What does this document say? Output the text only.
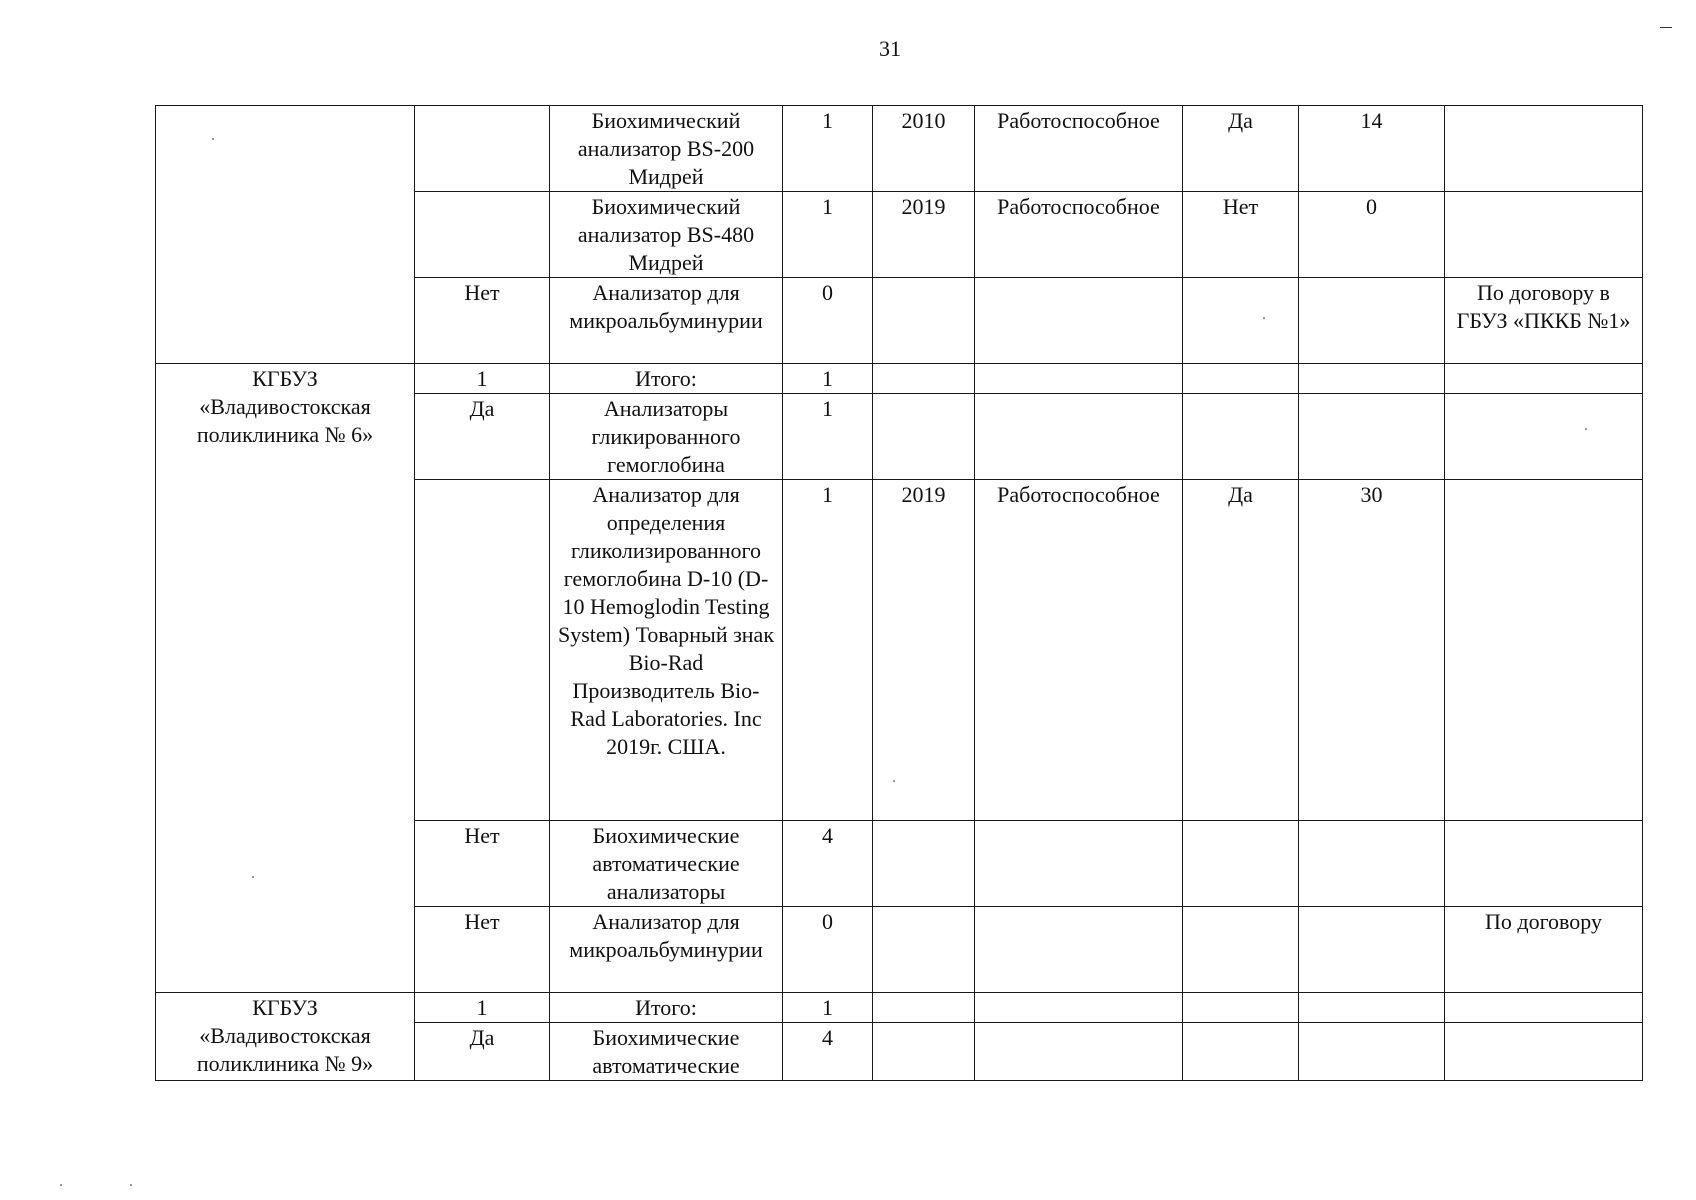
31
		Биохимический анализатор BS-200 Мидрей	1	2010	Работоспособное	Да	14	
		Биохимический анализатор BS-480 Мидрей	1	2019	Работоспособное	Нет	0	
	Нет	Анализатор для микроальбуминурии	0					По договору в ГБУЗ «ПККБ №1»
КГБУЗ «Владивостокская поликлиника № 6»	1	Итого:	1					
	Да	Анализаторы гликированного гемоглобина	1					
		Анализатор для определения гликолизированного гемоглобина D-10 (D-10 Hemoglodin Testing System) Товарный знак Bio-Rad Производитель Bio-Rad Laboratories. Inc 2019г. США.	1	2019	Работоспособное	Да	30	
	Нет	Биохимические автоматические анализаторы	4					
	Нет	Анализатор для микроальбуминурии	0					По договору
КГБУЗ «Владивостокская поликлиника № 9»	1	Итого:	1					
	Да	Биохимические автоматические	4					
